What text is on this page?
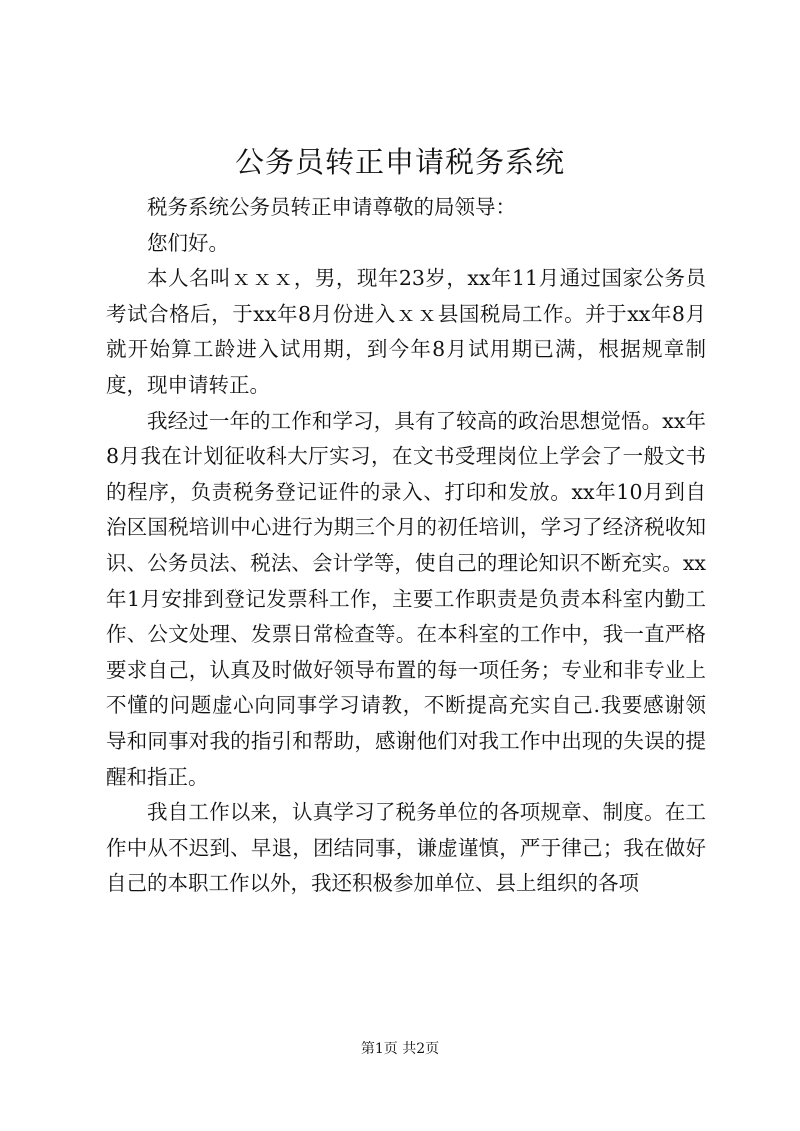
公务员转正申请税务系统

税务系统公务员转正申请尊敬的局领导：

您们好。

本人名叫ｘｘｘ，男，现年23岁，xx年11月通过国家公务员考试合格后，于xx年8月份进入ｘｘ县国税局工作。并于xx年8月就开始算工龄进入试用期，到今年8月试用期已满，根据规章制度，现申请转正。

我经过一年的工作和学习，具有了较高的政治思想觉悟。xx年8月我在计划征收科大厅实习，在文书受理岗位上学会了一般文书的程序，负责税务登记证件的录入、打印和发放。xx年10月到自治区国税培训中心进行为期三个月的初任培训，学习了经济税收知识、公务员法、税法、会计学等，使自己的理论知识不断充实。xx年1月安排到登记发票科工作，主要工作职责是负责本科室内勤工作、公文处理、发票日常检查等。在本科室的工作中，我一直严格要求自己，认真及时做好领导布置的每一项任务；专业和非专业上不懂的问题虚心向同事学习请教，不断提高充实自己.我要感谢领导和同事对我的指引和帮助，感谢他们对我工作中出现的失误的提醒和指正。

我自工作以来，认真学习了税务单位的各项规章、制度。在工作中从不迟到、早退，团结同事，谦虚谨慎，严于律己；我在做好自己的本职工作以外，我还积极参加单位、县上组织的各项

第1页 共2页
